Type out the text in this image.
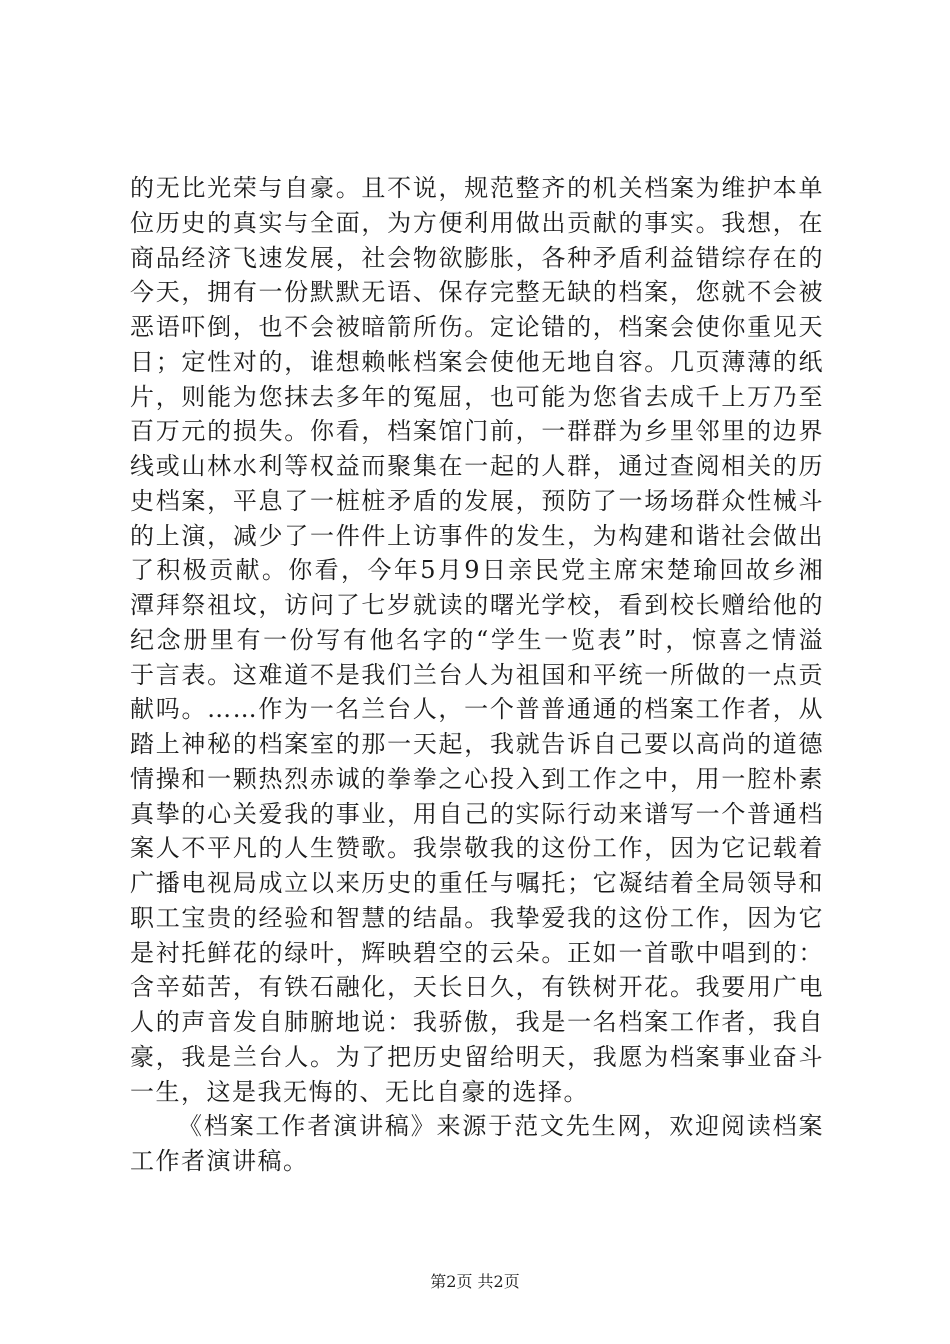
的无比光荣与自豪。且不说，规范整齐的机关档案为维护本单
位历史的真实与全面，为方便利用做出贡献的事实。我想，在
商品经济飞速发展，社会物欲膨胀，各种矛盾利益错综存在的
今天，拥有一份默默无语、保存完整无缺的档案，您就不会被
恶语吓倒，也不会被暗箭所伤。定论错的，档案会使你重见天
日；定性对的，谁想赖帐档案会使他无地自容。几页薄薄的纸
片，则能为您抹去多年的冤屈，也可能为您省去成千上万乃至
百万元的损失。你看，档案馆门前，一群群为乡里邻里的边界
线或山林水利等权益而聚集在一起的人群，通过查阅相关的历
史档案，平息了一桩桩矛盾的发展，预防了一场场群众性械斗
的上演，减少了一件件上访事件的发生，为构建和谐社会做出
了积极贡献。你看，今年5月9日亲民党主席宋楚瑜回故乡湘
潭拜祭祖坟，访问了七岁就读的曙光学校，看到校长赠给他的
纪念册里有一份写有他名字的“学生一览表”时，惊喜之情溢
于言表。这难道不是我们兰台人为祖国和平统一所做的一点贡
献吗。……作为一名兰台人，一个普普通通的档案工作者，从
踏上神秘的档案室的那一天起，我就告诉自己要以高尚的道德
情操和一颗热烈赤诚的拳拳之心投入到工作之中，用一腔朴素
真挚的心关爱我的事业，用自己的实际行动来谱写一个普通档
案人不平凡的人生赞歌。我崇敬我的这份工作，因为它记载着
广播电视局成立以来历史的重任与嘱托；它凝结着全局领导和
职工宝贵的经验和智慧的结晶。我挚爱我的这份工作，因为它
是衬托鲜花的绿叶，辉映碧空的云朵。正如一首歌中唱到的：
含辛茹苦，有铁石融化，天长日久，有铁树开花。我要用广电
人的声音发自肺腑地说：我骄傲，我是一名档案工作者，我自
豪，我是兰台人。为了把历史留给明天，我愿为档案事业奋斗
一生，这是我无悔的、无比自豪的选择。
《档案工作者演讲稿》来源于范文先生网，欢迎阅读档案
工作者演讲稿。
第2页 共2页
